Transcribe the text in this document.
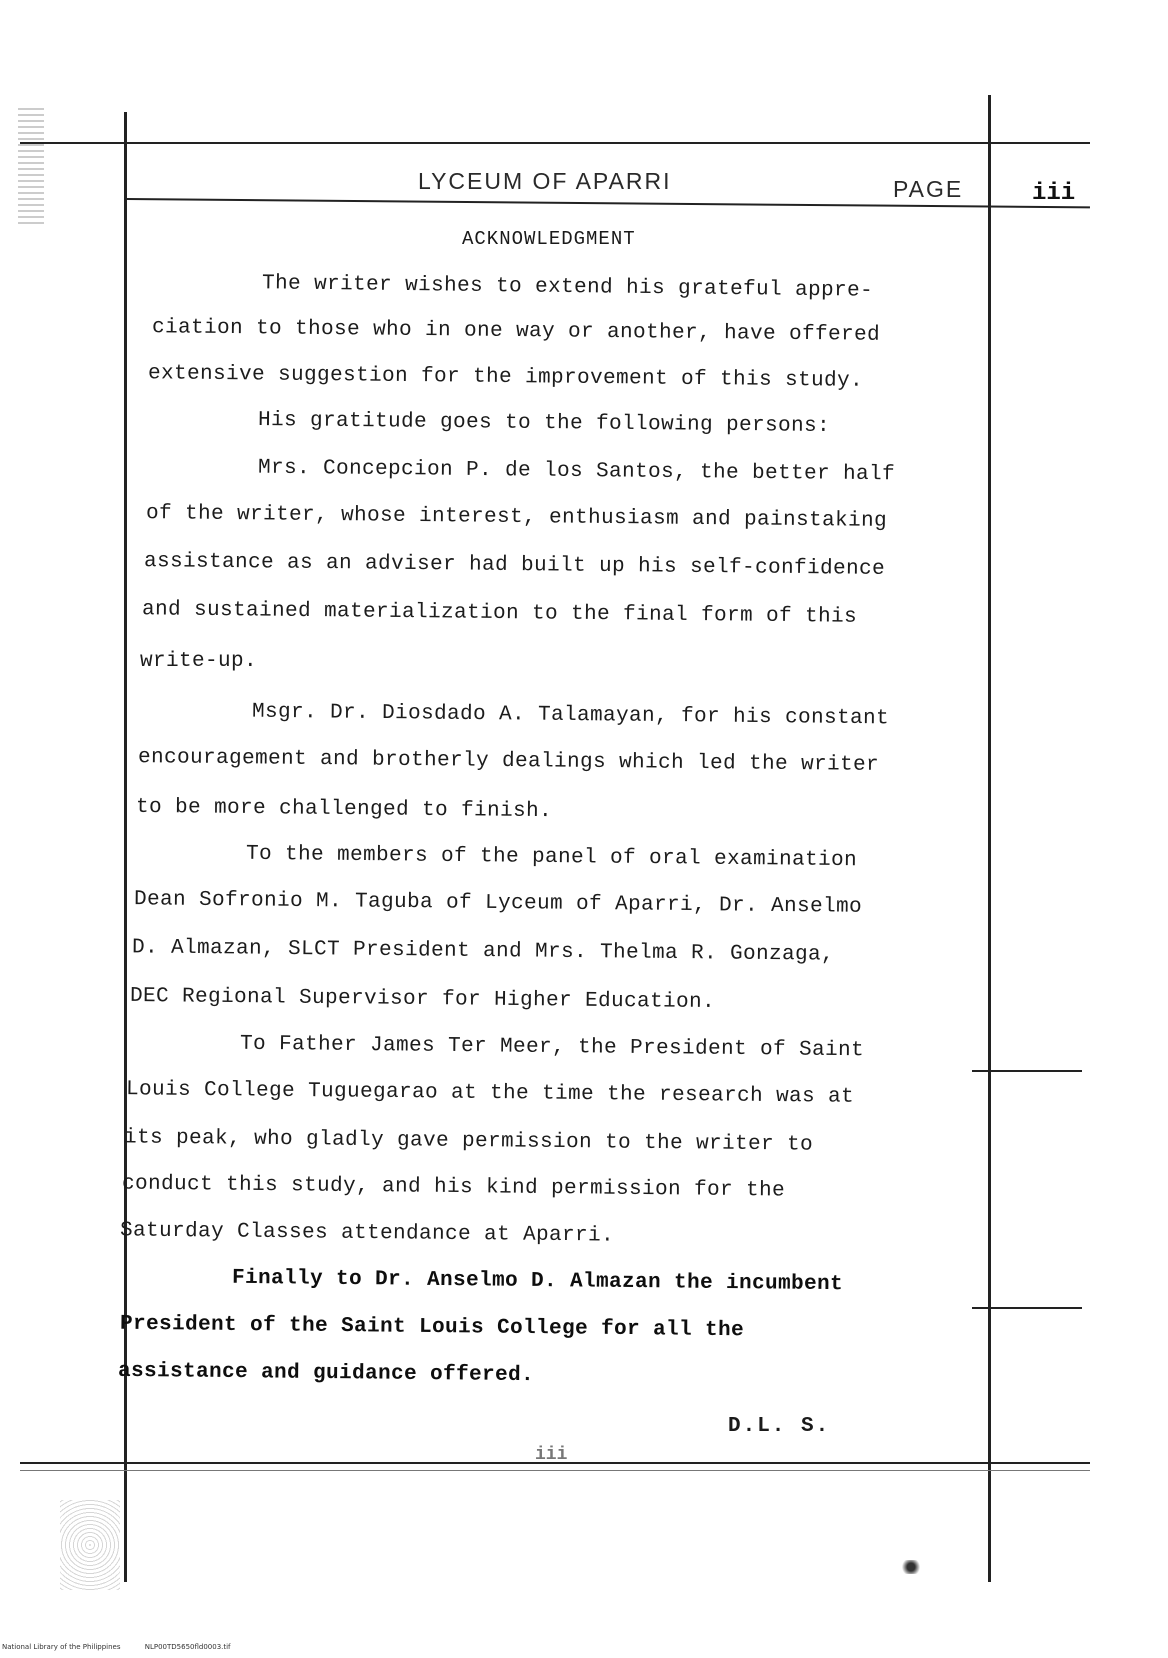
LYCEUM OF APARRI	PAGE	iii
ACKNOWLEDGMENT
The writer wishes to extend his grateful appre-
ciation to those who in one way or another, have offered
extensive suggestion for the improvement of this study.
His gratitude goes to the following persons:
Mrs. Concepcion P. de los Santos, the better half
of the writer, whose interest, enthusiasm and painstaking
assistance as an adviser had built up his self-confidence
and sustained materialization to the final form of this
write-up.
Msgr. Dr. Diosdado A. Talamayan, for his constant
encouragement and brotherly dealings which led the writer
to be more challenged to finish.
To the members of the panel of oral examination
Dean Sofronio M. Taguba of Lyceum of Aparri, Dr. Anselmo
D. Almazan, SLCT President and Mrs. Thelma R. Gonzaga,
DEC Regional Supervisor for Higher Education.
To Father James Ter Meer, the President of Saint
Louis College Tuguegarao at the time the research was at
its peak, who gladly gave permission to the writer to
conduct this study, and his kind permission for the
Saturday Classes attendance at Aparri.
Finally to Dr. Anselmo D. Almazan the incumbent
President of the Saint Louis College for all the
assistance and guidance offered.
D.L. S.
iii
National Library of the Philippines	NLP00TD5650fld0003.tif
